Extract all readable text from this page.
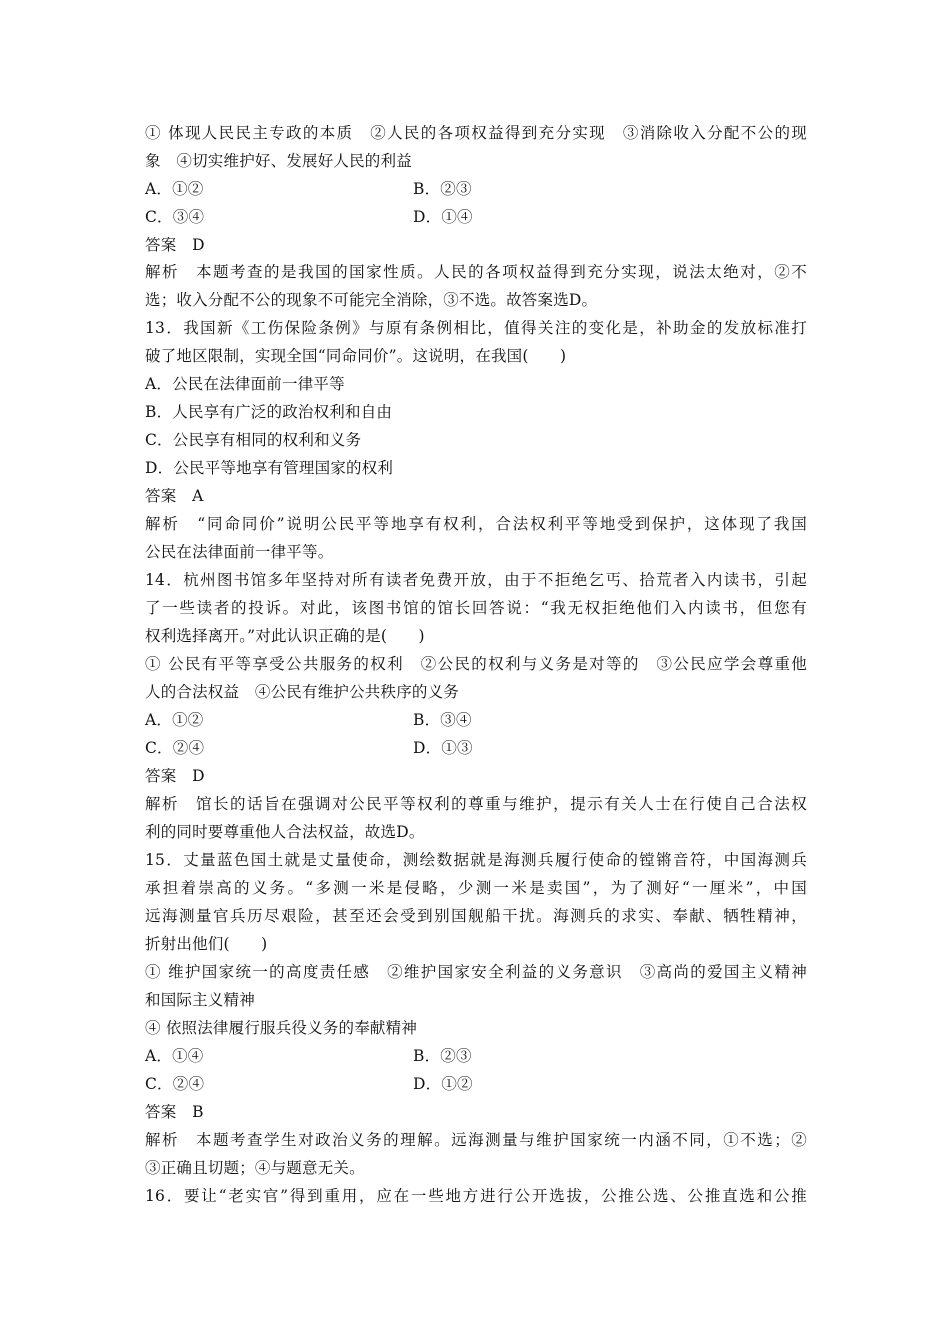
① 体现人民民主专政的本质　②人民的各项权益得到充分实现　③消除收入分配不公的现
象　④切实维护好、发展好人民的利益
A．①②	B．②③
C．③④	D．①④
答案　D
解析　本题考查的是我国的国家性质。人民的各项权益得到充分实现，说法太绝对，②不
选；收入分配不公的现象不可能完全消除，③不选。故答案选D。
13．我国新《工伤保险条例》与原有条例相比，值得关注的变化是，补助金的发放标准打
破了地区限制，实现全国“同命同价”。这说明，在我国(　　)
A．公民在法律面前一律平等
B．人民享有广泛的政治权利和自由
C．公民享有相同的权利和义务
D．公民平等地享有管理国家的权利
答案　A
解析　“同命同价”说明公民平等地享有权利，合法权利平等地受到保护，这体现了我国
公民在法律面前一律平等。
14．杭州图书馆多年坚持对所有读者免费开放，由于不拒绝乞丐、拾荒者入内读书，引起
了一些读者的投诉。对此，该图书馆的馆长回答说：“我无权拒绝他们入内读书，但您有
权利选择离开。”对此认识正确的是(　　)
① 公民有平等享受公共服务的权利　②公民的权利与义务是对等的　③公民应学会尊重他
人的合法权益　④公民有维护公共秩序的义务
A．①②	B．③④
C．②④	D．①③
答案　D
解析　馆长的话旨在强调对公民平等权利的尊重与维护，提示有关人士在行使自己合法权
利的同时要尊重他人合法权益，故选D。
15．丈量蓝色国土就是丈量使命，测绘数据就是海测兵履行使命的镗锵音符，中国海测兵
承担着崇高的义务。“多测一米是侵略，少测一米是卖国”，为了测好“一厘米”，中国
远海测量官兵历尽艰险，甚至还会受到别国舰船干扰。海测兵的求实、奉献、牺牲精神，
折射出他们(　　)
① 维护国家统一的高度责任感　②维护国家安全利益的义务意识　③高尚的爱国主义精神
和国际主义精神
④ 依照法律履行服兵役义务的奉献精神
A．①④	B．②③
C．②④	D．①②
答案　B
解析　本题考查学生对政治义务的理解。远海测量与维护国家统一内涵不同，①不选；②
③正确且切题；④与题意无关。
16．要让“老实官”得到重用，应在一些地方进行公开选拔，公推公选、公推直选和公推
